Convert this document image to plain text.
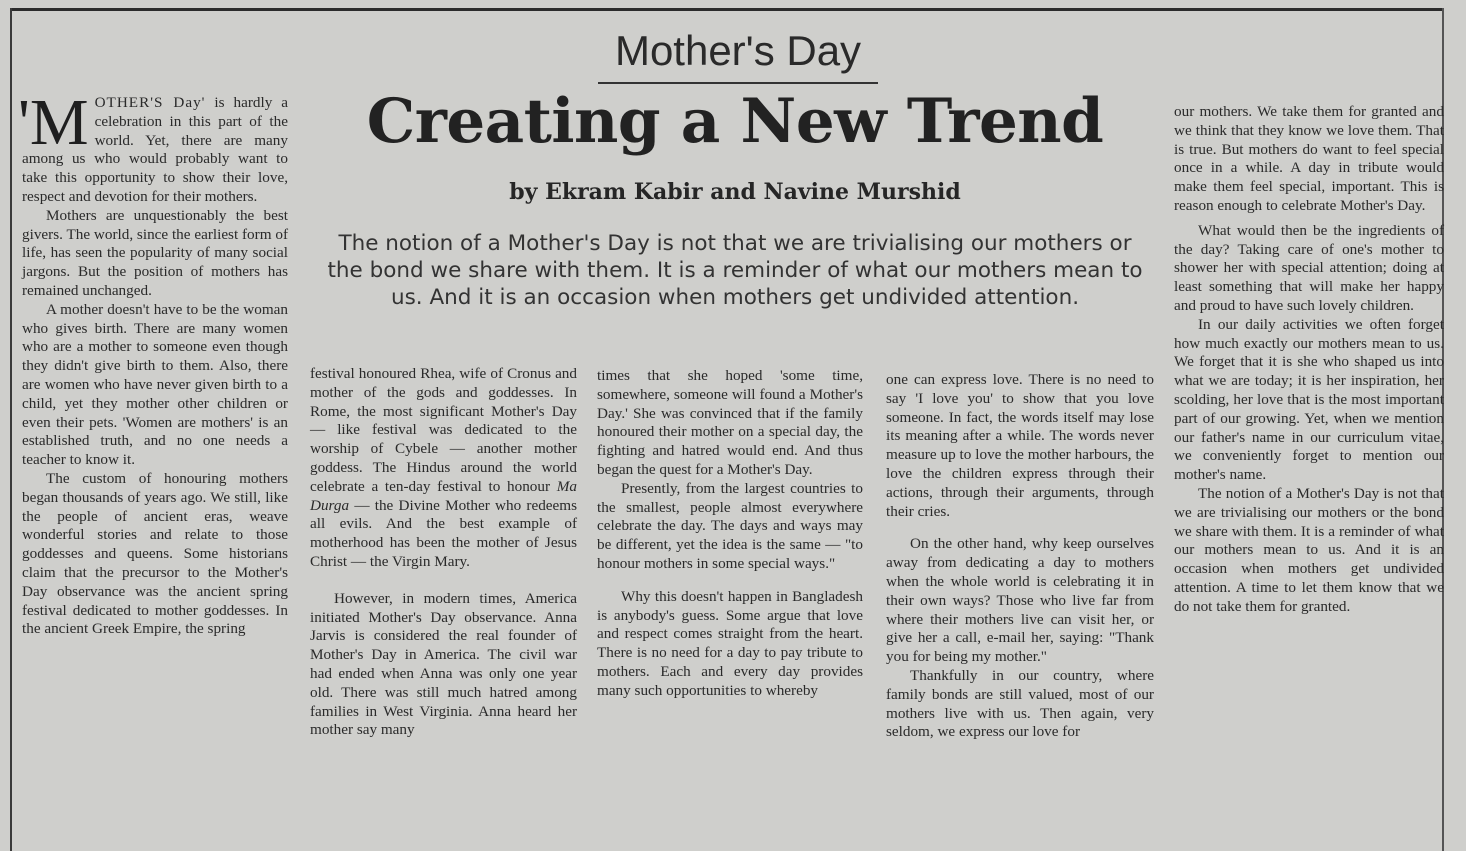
Mother's Day
Creating a New Trend
by Ekram Kabir and Navine Murshid
The notion of a Mother's Day is not that we are trivialising our mothers or the bond we share with them. It is a reminder of what our mothers mean to us. And it is an occasion when mothers get undivided attention.

'M OTHER'S Day' is hardly a celebration in this part of the world. Yet, there are many among us who would probably want to take this opportunity to show their love, respect and devotion for their mothers.

Mothers are unquestionably the best givers. The world, since the earliest form of life, has seen the popularity of many social jargons. But the position of mothers has remained unchanged.

A mother doesn't have to be the woman who gives birth. There are many women who are a mother to someone even though they didn't give birth to them. Also, there are women who have never given birth to a child, yet they mother other children or even their pets. 'Women are mothers' is an established truth, and no one needs a teacher to know it.

The custom of honouring mothers began thousands of years ago. We still, like the people of ancient eras, weave wonderful stories and relate to those goddesses and queens. Some historians claim that the precursor to the Mother's Day observance was the ancient spring festival dedicated to mother goddesses. In the ancient Greek Empire, the spring

festival honoured Rhea, wife of Cronus and mother of the gods and goddesses. In Rome, the most significant Mother's Day — like festival was dedicated to the worship of Cybele — another mother goddess. The Hindus around the world celebrate a ten-day festival to honour Ma Durga — the Divine Mother who redeems all evils. And the best example of motherhood has been the mother of Jesus Christ — the Virgin Mary.

However, in modern times, America initiated Mother's Day observance. Anna Jarvis is considered the real founder of Mother's Day in America. The civil war had ended when Anna was only one year old. There was still much hatred among families in West Virginia. Anna heard her mother say many

times that she hoped 'some time, somewhere, someone will found a Mother's Day.' She was convinced that if the family honoured their mother on a special day, the fighting and hatred would end. And thus began the quest for a Mother's Day.

Presently, from the largest countries to the smallest, people almost everywhere celebrate the day. The days and ways may be different, yet the idea is the same — "to honour mothers in some special ways."

Why this doesn't happen in Bangladesh is anybody's guess. Some argue that love and respect comes straight from the heart. There is no need for a day to pay tribute to mothers. Each and every day provides many such opportunities to whereby

one can express love. There is no need to say 'I love you' to show that you love someone. In fact, the words itself may lose its meaning after a while. The words never measure up to love the mother harbours, the love the children express through their actions, through their arguments, through their cries.

On the other hand, why keep ourselves away from dedicating a day to mothers when the whole world is celebrating it in their own ways? Those who live far from where their mothers live can visit her, or give her a call, e-mail her, saying: "Thank you for being my mother."

Thankfully in our country, where family bonds are still valued, most of our mothers live with us. Then again, very seldom, we express our love for

our mothers. We take them for granted and we think that they know we love them. That is true. But mothers do want to feel special once in a while. A day in tribute would make them feel special, important. This is reason enough to celebrate Mother's Day.

What would then be the ingredients of the day? Taking care of one's mother to shower her with special attention; doing at least something that will make her happy and proud to have such lovely children.

In our daily activities we often forget how much exactly our mothers mean to us. We forget that it is she who shaped us into what we are today; it is her inspiration, her scolding, her love that is the most important part of our growing. Yet, when we mention our father's name in our curriculum vitae, we conveniently forget to mention our mother's name.

The notion of a Mother's Day is not that we are trivialising our mothers or the bond we share with them. It is a reminder of what our mothers mean to us. And it is an occasion when mothers get undivided attention. A time to let them know that we do not take them for granted.
